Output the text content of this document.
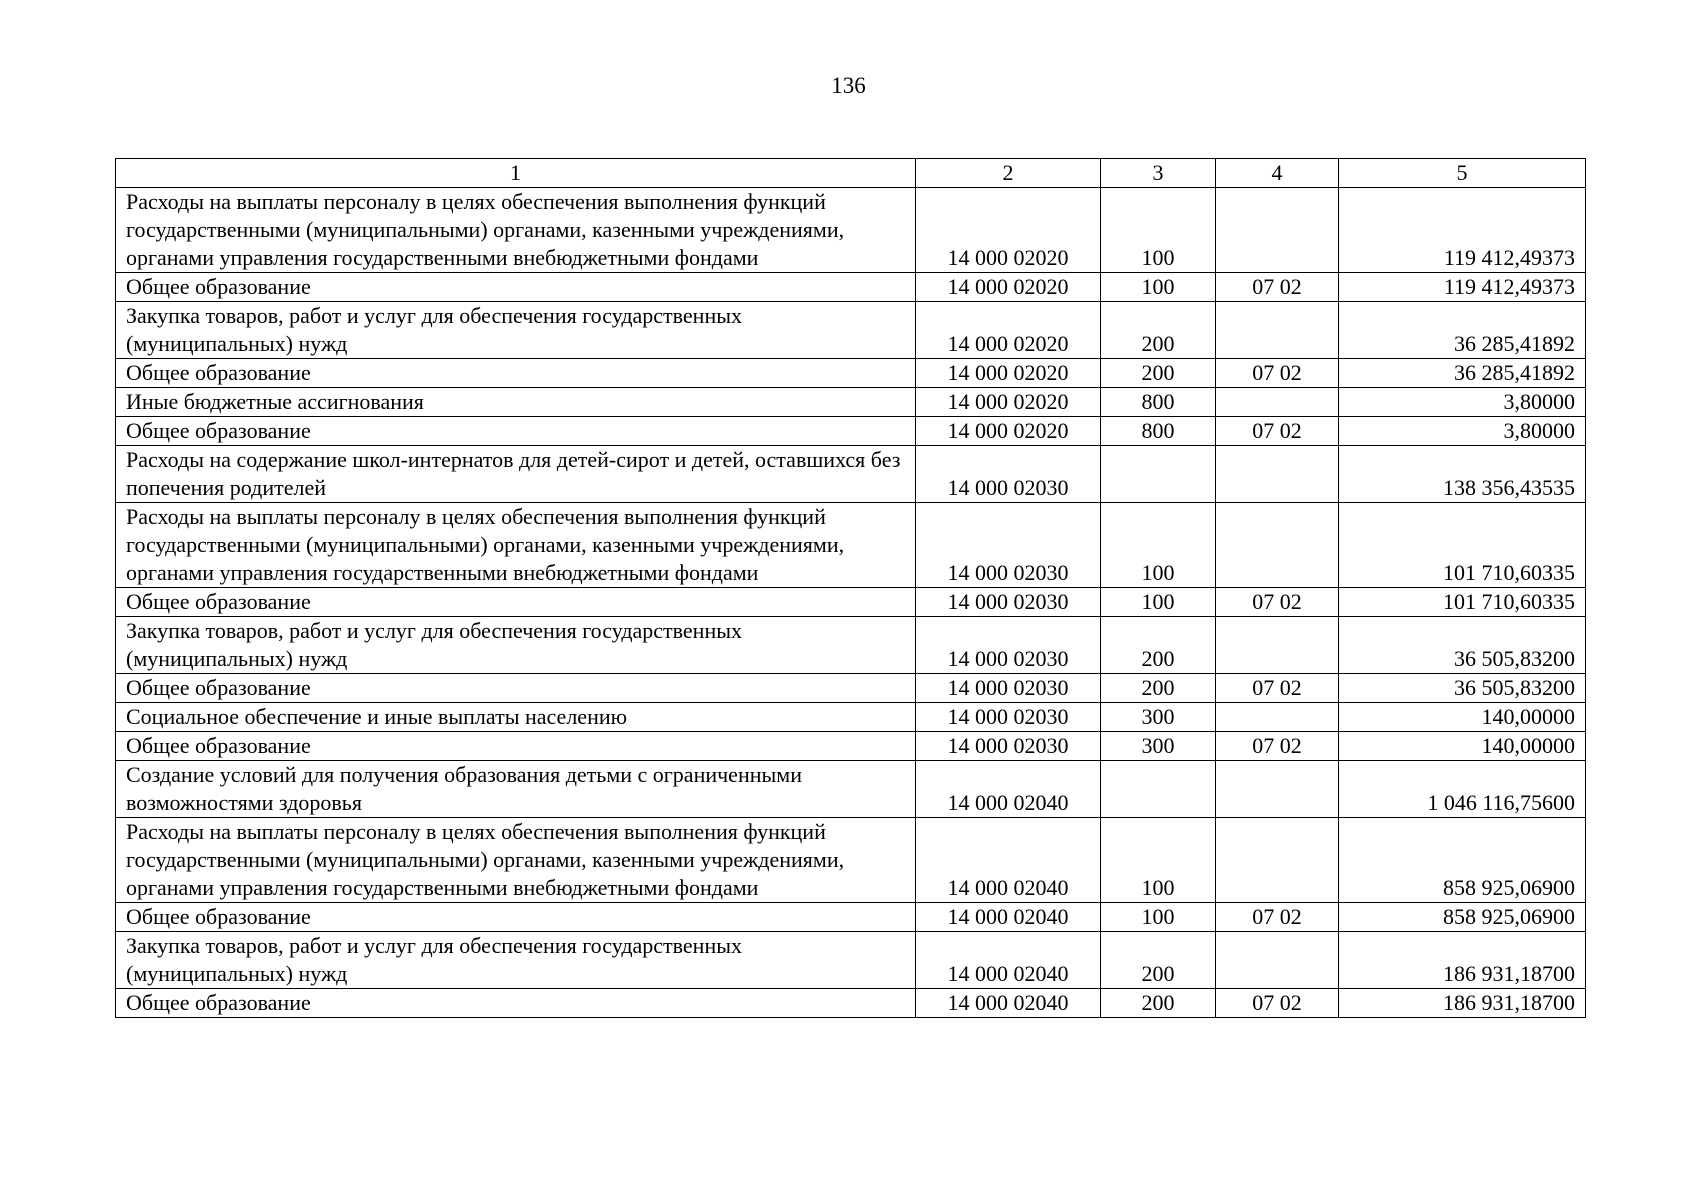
136
1	2	3	4	5
Расходы на выплаты персоналу в целях обеспечения выполнения функций государственными (муниципальными) органами, казенными учреждениями, органами управления государственными внебюджетными фондами	14 000 02020	100		119 412,49373
Общее образование	14 000 02020	100	07 02	119 412,49373
Закупка товаров, работ и услуг для обеспечения государственных (муниципальных) нужд	14 000 02020	200		36 285,41892
Общее образование	14 000 02020	200	07 02	36 285,41892
Иные бюджетные ассигнования	14 000 02020	800		3,80000
Общее образование	14 000 02020	800	07 02	3,80000
Расходы на содержание школ-интернатов для детей-сирот и детей, оставшихся без попечения родителей	14 000 02030			138 356,43535
Расходы на выплаты персоналу в целях обеспечения выполнения функций государственными (муниципальными) органами, казенными учреждениями, органами управления государственными внебюджетными фондами	14 000 02030	100		101 710,60335
Общее образование	14 000 02030	100	07 02	101 710,60335
Закупка товаров, работ и услуг для обеспечения государственных (муниципальных) нужд	14 000 02030	200		36 505,83200
Общее образование	14 000 02030	200	07 02	36 505,83200
Социальное обеспечение и иные выплаты населению	14 000 02030	300		140,00000
Общее образование	14 000 02030	300	07 02	140,00000
Создание условий для получения образования детьми с ограниченными возможностями здоровья	14 000 02040			1 046 116,75600
Расходы на выплаты персоналу в целях обеспечения выполнения функций государственными (муниципальными) органами, казенными учреждениями, органами управления государственными внебюджетными фондами	14 000 02040	100		858 925,06900
Общее образование	14 000 02040	100	07 02	858 925,06900
Закупка товаров, работ и услуг для обеспечения государственных (муниципальных) нужд	14 000 02040	200		186 931,18700
Общее образование	14 000 02040	200	07 02	186 931,18700
